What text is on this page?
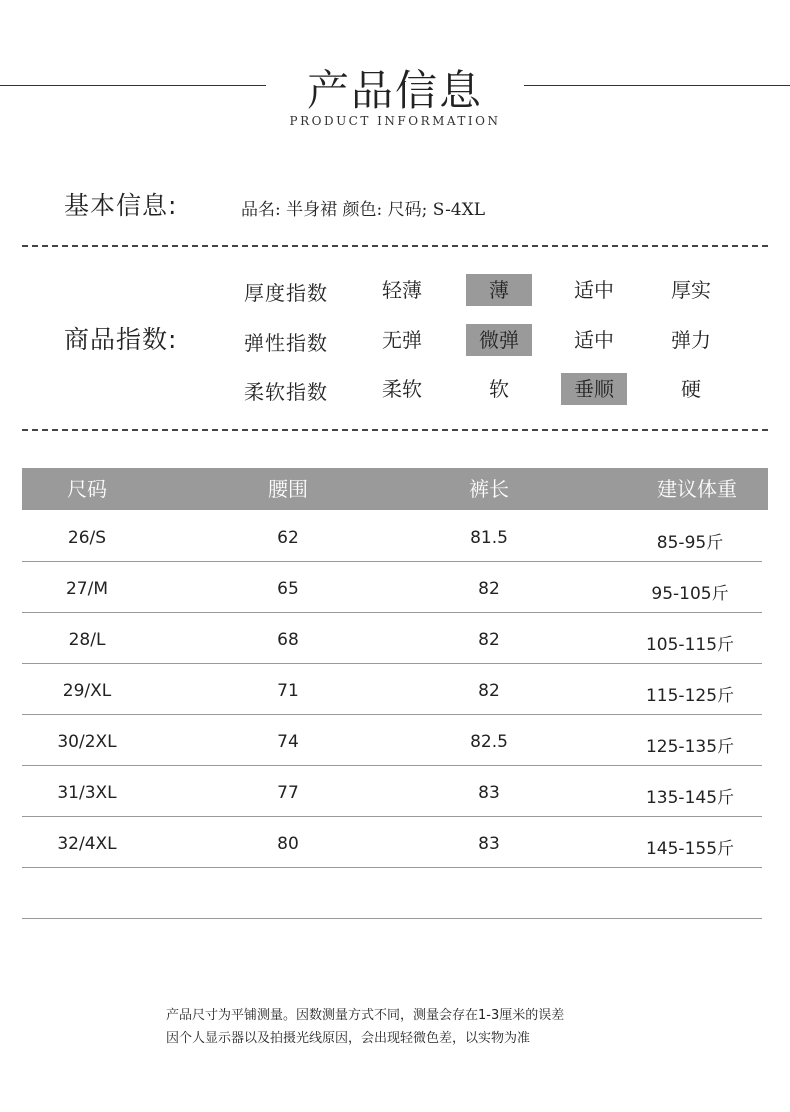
产品信息
PRODUCT INFORMATION
基本信息:	品名: 半身裙 颜色: 尺码; S-4XL
商品指数:
厚度指数	轻薄	薄	适中	厚实
弹性指数	无弹	微弹	适中	弹力
柔软指数	柔软	软	垂顺	硬
尺码	腰围	裤长	建议体重
26/S	62	81.5	85-95斤
27/M	65	82	95-105斤
28/L	68	82	105-115斤
29/XL	71	82	115-125斤
30/2XL	74	82.5	125-135斤
31/3XL	77	83	135-145斤
32/4XL	80	83	145-155斤
产品尺寸为平铺测量。因数测量方式不同，测量会存在1-3厘米的误差
因个人显示器以及拍摄光线原因，会出现轻微色差，以实物为准
